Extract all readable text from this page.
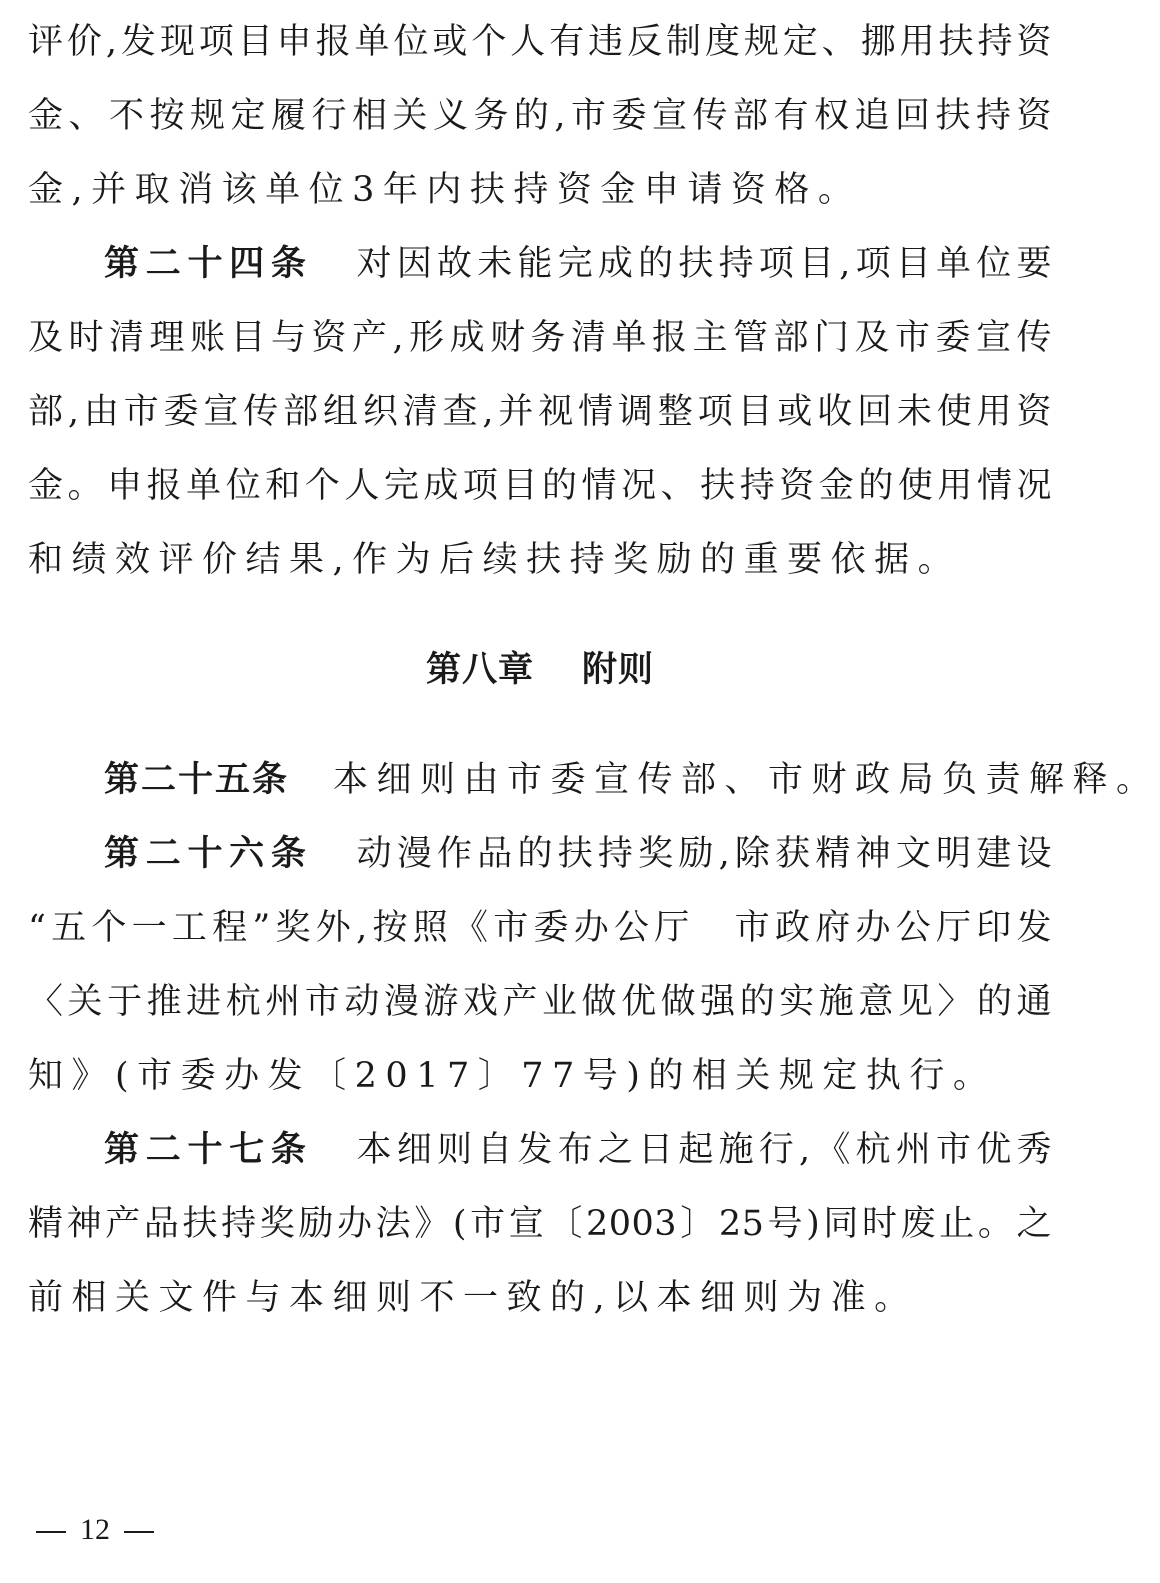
评价,发现项目申报单位或个人有违反制度规定、挪用扶持资
金、不按规定履行相关义务的,市委宣传部有权追回扶持资
金,并取消该单位3年内扶持资金申请资格。
第二十四条 对因故未能完成的扶持项目,项目单位要
及时清理账目与资产,形成财务清单报主管部门及市委宣传
部,由市委宣传部组织清查,并视情调整项目或收回未使用资
金。申报单位和个人完成项目的情况、扶持资金的使用情况
和绩效评价结果,作为后续扶持奖励的重要依据。
第八章 附则
第二十五条 本细则由市委宣传部、市财政局负责解释。
第二十六条 动漫作品的扶持奖励,除获精神文明建设
“五个一工程”奖外,按照《市委办公厅　市政府办公厅印发
〈关于推进杭州市动漫游戏产业做优做强的实施意见〉的通
知》(市委办发〔2017〕77号)的相关规定执行。
第二十七条 本细则自发布之日起施行,《杭州市优秀
精神产品扶持奖励办法》(市宣〔2003〕25号)同时废止。之
前相关文件与本细则不一致的,以本细则为准。
12
